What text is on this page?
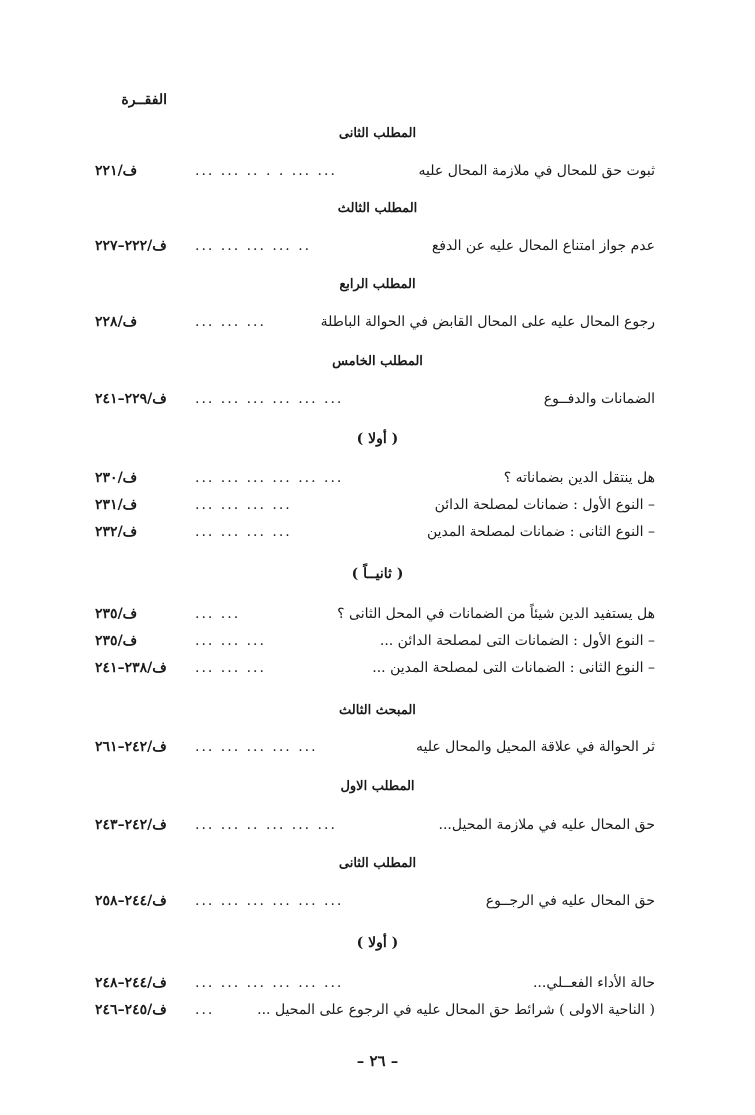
الفقــرة
المطلب الثانى
ثبوت حق للمحال في ملازمة المحال عليه
... ... .. . . ... ...
ف/٢٢١
المطلب الثالث
عدم جواز امتناع المحال عليه عن الدفع
... ... ... ... ..
ف/٢٢٢–٢٢٧
المطلب الرابع
رجوع المحال عليه على المحال القابض في الحوالة الباطلة
... ... ...
ف/٢٢٨
المطلب الخامس
الضمانات والدفــوع
... ... ... ... ... ...
ف/٢٢٩–٢٤١
( أولا )
هل ينتقل الدين بضماناته ؟
... ... ... ... ... ...
ف/٢٣٠
– النوع الأول : ضمانات لمصلحة الدائن
... ... ... ...
ف/٢٣١
– النوع الثانى : ضمانات لمصلحة المدين
... ... ... ...
ف/٢٣٢
( ثانيــاً )
هل يستفيد الدين شيئاً من الضمانات في المحل الثانى ؟
... ...
ف/٢٣٥
– النوع الأول : الضمانات التى لمصلحة الدائن ...
... ... ...
ف/٢٣٥
– النوع الثانى : الضمانات التى لمصلحة المدين ...
... ... ...
ف/٢٣٨–٢٤١
المبحث الثالث
ثر الحوالة في علاقة المحيل والمحال عليه
... ... ... ... ...
ف/٢٤٢–٢٦١
المطلب الاول
حق المحال عليه في ملازمة المحيل...
... ... .. ... ... ...
ف/٢٤٢–٢٤٣
المطلب الثانى
حق المحال عليه في الرجــوع
... ... ... ... ... ...
ف/٢٤٤–٢٥٨
( أولا )
حالة الأداء الفعــلي...
... ... ... ... ... ...
ف/٢٤٤–٢٤٨
( الناحية الاولى ) شرائط حق المحال عليه في الرجوع على المحيل ...
...
ف/٢٤٥–٢٤٦
– ٢٦ –
